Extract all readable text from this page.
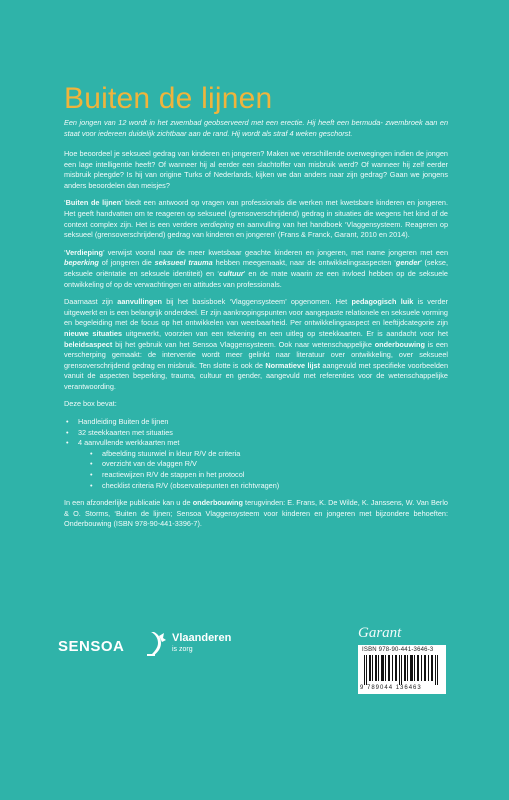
Buiten de lijnen
Een jongen van 12 wordt in het zwembad geobserveerd met een erectie. Hij heeft een bermuda- zwembroek aan en staat voor iedereen duidelijk zichtbaar aan de rand. Hij wordt als straf 4 weken geschorst.

Hoe beoordeel je seksueel gedrag van kinderen en jongeren? Maken we verschillende overwegingen indien de jongen een lage intelligentie heeft? Of wanneer hij al eerder een slachtoffer van misbruik werd? Of wanneer hij zelf eerder misbruik pleegde? Is hij van origine Turks of Nederlands, kijken we dan anders naar zijn gedrag? Gaan we jongens anders beoordelen dan meisjes?

‘Buiten de lijnen’ biedt een antwoord op vragen van professionals die werken met kwetsbare kinderen en jongeren. Het geeft handvatten om te reageren op seksueel (grensoverschrijdend) gedrag in situaties die wegens het kind of de context complex zijn. Het is een verdere verdieping en aanvulling van het handboek ‘Vlaggensysteem. Reageren op seksueel (grensoverschrijdend) gedrag van kinderen en jongeren’ (Frans & Franck, Garant, 2010 en 2014).

‘Verdieping’ verwijst vooral naar de meer kwetsbaar geachte kinderen en jongeren, met name jongeren met een beperking of jongeren die seksueel trauma hebben meegemaakt, naar de ontwikkelingsaspecten ‘gender’ (sekse, seksuele oriëntatie en seksuele identiteit) en ‘cultuur’ en de mate waarin ze een invloed hebben op de seksuele ontwikkeling of op de verwachtingen en attitudes van professionals.

Daarnaast zijn aanvullingen bij het basisboek ‘Vlaggensysteem’ opgenomen. Het pedagogisch luik is verder uitgewerkt en is een belangrijk onderdeel. Er zijn aanknopingspunten voor aangepaste relationele en seksuele vorming en begeleiding met de focus op het ontwikkelen van weerbaarheid. Per ontwikkelingsaspect en leeftijdcategorie zijn nieuwe situaties uitgewerkt, voorzien van een tekening en een uitleg op steekkaarten. Er is aandacht voor het beleidsaspect bij het gebruik van het Sensoa Vlaggensysteem. Ook naar wetenschappelijke onderbouwing is een verscherping gemaakt: de interventie wordt meer gelinkt naar literatuur over ontwikkeling, over seksueel grensoverschrijdend gedrag en misbruik. Ten slotte is ook de Normatieve lijst aangevuld met specifieke voorbeelden vanuit de aspecten beperking, trauma, cultuur en gender, aangevuld met referenties voor de wetenschappelijke verantwoording.

Deze box bevat:

• Handleiding Buiten de lijnen
• 32 steekkaarten met situaties
• 4 aanvullende werkkaarten met
• afbeelding stuurwiel in kleur R/V de criteria
• overzicht van de vlaggen R/V
• reactiewijzen R/V de stappen in het protocol
• checklist criteria R/V (observatiepunten en richtvragen)

In een afzonderlijke publicatie kan u de onderbouwing terugvinden: E. Frans, K. De Wilde, K. Janssens, W. Van Berlo & O. Storms, ‘Buiten de lijnen; Sensoa Vlaggensysteem voor kinderen en jongeren met bijzondere behoeften: Onderbouwing (ISBN 978-90-441-3396-7).

SENSOA	Vlaanderen
is zorg
Garant
ISBN 978-90-441-3646-3
9 789044 136463
